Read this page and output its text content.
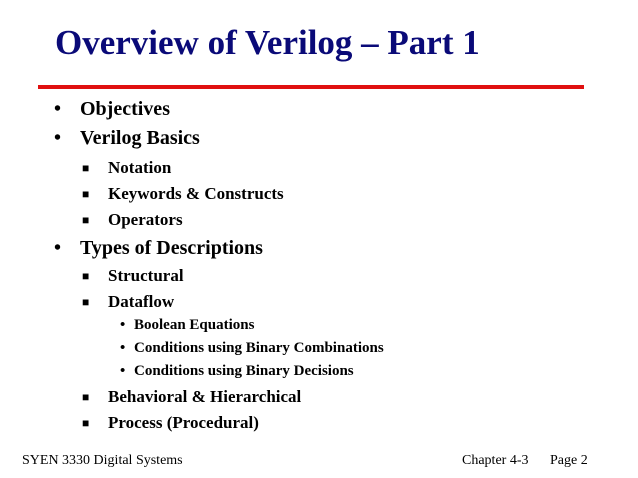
Overview of Verilog – Part 1
• Objectives
• Verilog Basics
■ Notation
■ Keywords & Constructs
■ Operators
• Types of Descriptions
■ Structural
■ Dataflow
• Boolean Equations
• Conditions using Binary Combinations
• Conditions using Binary Decisions
■ Behavioral & Hierarchical
■ Process (Procedural)
SYEN 3330 Digital Systems	Chapter 4-3 Page 2
